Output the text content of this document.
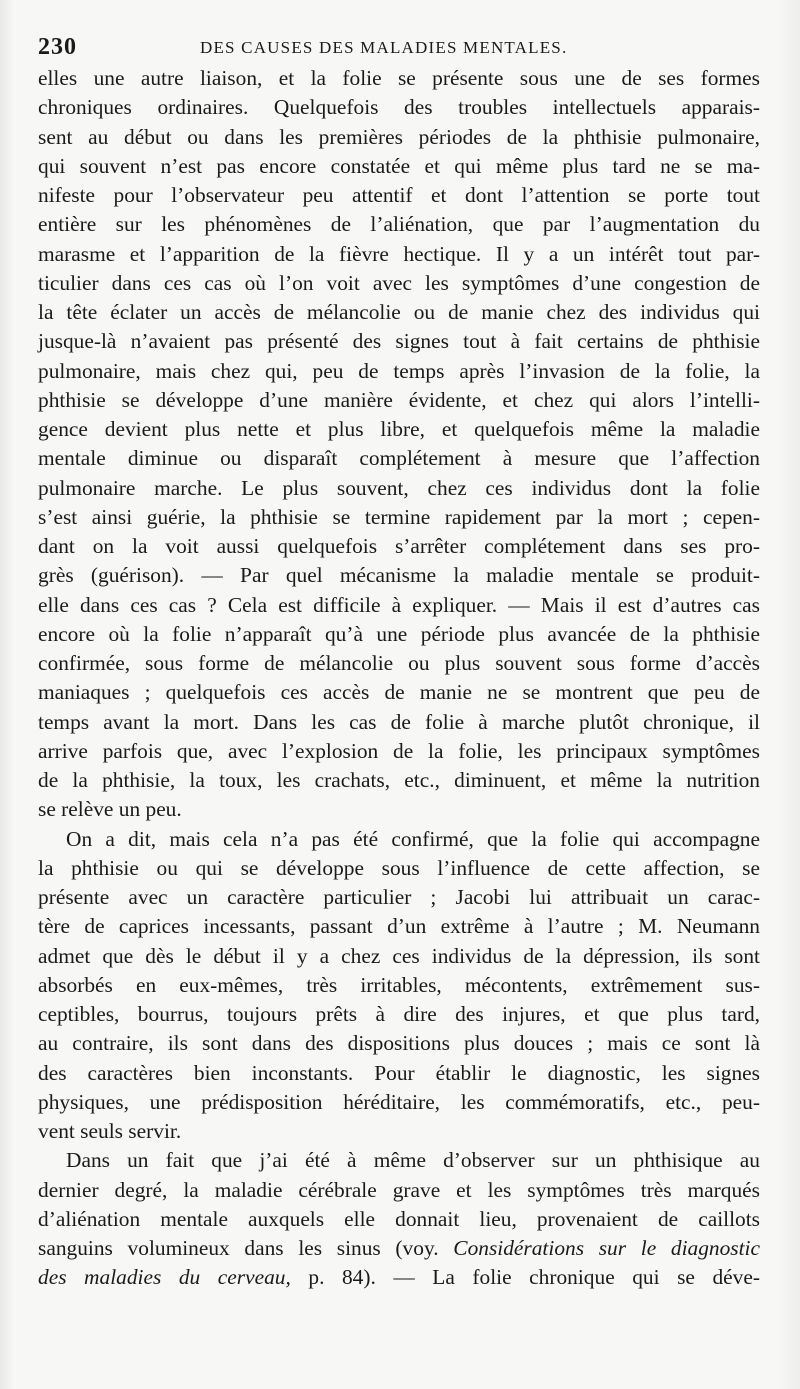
230	DES CAUSES DES MALADIES MENTALES.

elles une autre liaison, et la folie se présente sous une de ses formes
chroniques ordinaires. Quelquefois des troubles intellectuels apparais-
sent au début ou dans les premières périodes de la phthisie pulmonaire,
qui souvent n’est pas encore constatée et qui même plus tard ne se ma-
nifeste pour l’observateur peu attentif et dont l’attention se porte tout
entière sur les phénomènes de l’aliénation, que par l’augmentation du
marasme et l’apparition de la fièvre hectique. Il y a un intérêt tout par-
ticulier dans ces cas où l’on voit avec les symptômes d’une congestion de
la tête éclater un accès de mélancolie ou de manie chez des individus qui
jusque-là n’avaient pas présenté des signes tout à fait certains de phthisie
pulmonaire, mais chez qui, peu de temps après l’invasion de la folie, la
phthisie se développe d’une manière évidente, et chez qui alors l’intelli-
gence devient plus nette et plus libre, et quelquefois même la maladie
mentale diminue ou disparaît complétement à mesure que l’affection
pulmonaire marche. Le plus souvent, chez ces individus dont la folie
s’est ainsi guérie, la phthisie se termine rapidement par la mort ; cepen-
dant on la voit aussi quelquefois s’arrêter complétement dans ses pro-
grès (guérison). — Par quel mécanisme la maladie mentale se produit-
elle dans ces cas ? Cela est difficile à expliquer. — Mais il est d’autres cas
encore où la folie n’apparaît qu’à une période plus avancée de la phthisie
confirmée, sous forme de mélancolie ou plus souvent sous forme d’accès
maniaques ; quelquefois ces accès de manie ne se montrent que peu de
temps avant la mort. Dans les cas de folie à marche plutôt chronique, il
arrive parfois que, avec l’explosion de la folie, les principaux symptômes
de la phthisie, la toux, les crachats, etc., diminuent, et même la nutrition
se relève un peu.

On a dit, mais cela n’a pas été confirmé, que la folie qui accompagne
la phthisie ou qui se développe sous l’influence de cette affection, se
présente avec un caractère particulier ; Jacobi lui attribuait un carac-
tère de caprices incessants, passant d’un extrême à l’autre ; M. Neumann
admet que dès le début il y a chez ces individus de la dépression, ils sont
absorbés en eux-mêmes, très irritables, mécontents, extrêmement sus-
ceptibles, bourrus, toujours prêts à dire des injures, et que plus tard,
au contraire, ils sont dans des dispositions plus douces ; mais ce sont là
des caractères bien inconstants. Pour établir le diagnostic, les signes
physiques, une prédisposition héréditaire, les commémoratifs, etc., peu-
vent seuls servir.

Dans un fait que j’ai été à même d’observer sur un phthisique au
dernier degré, la maladie cérébrale grave et les symptômes très marqués
d’aliénation mentale auxquels elle donnait lieu, provenaient de caillots
sanguins volumineux dans les sinus (voy. Considérations sur le diagnostic
des maladies du cerveau, p. 84). — La folie chronique qui se déve-
